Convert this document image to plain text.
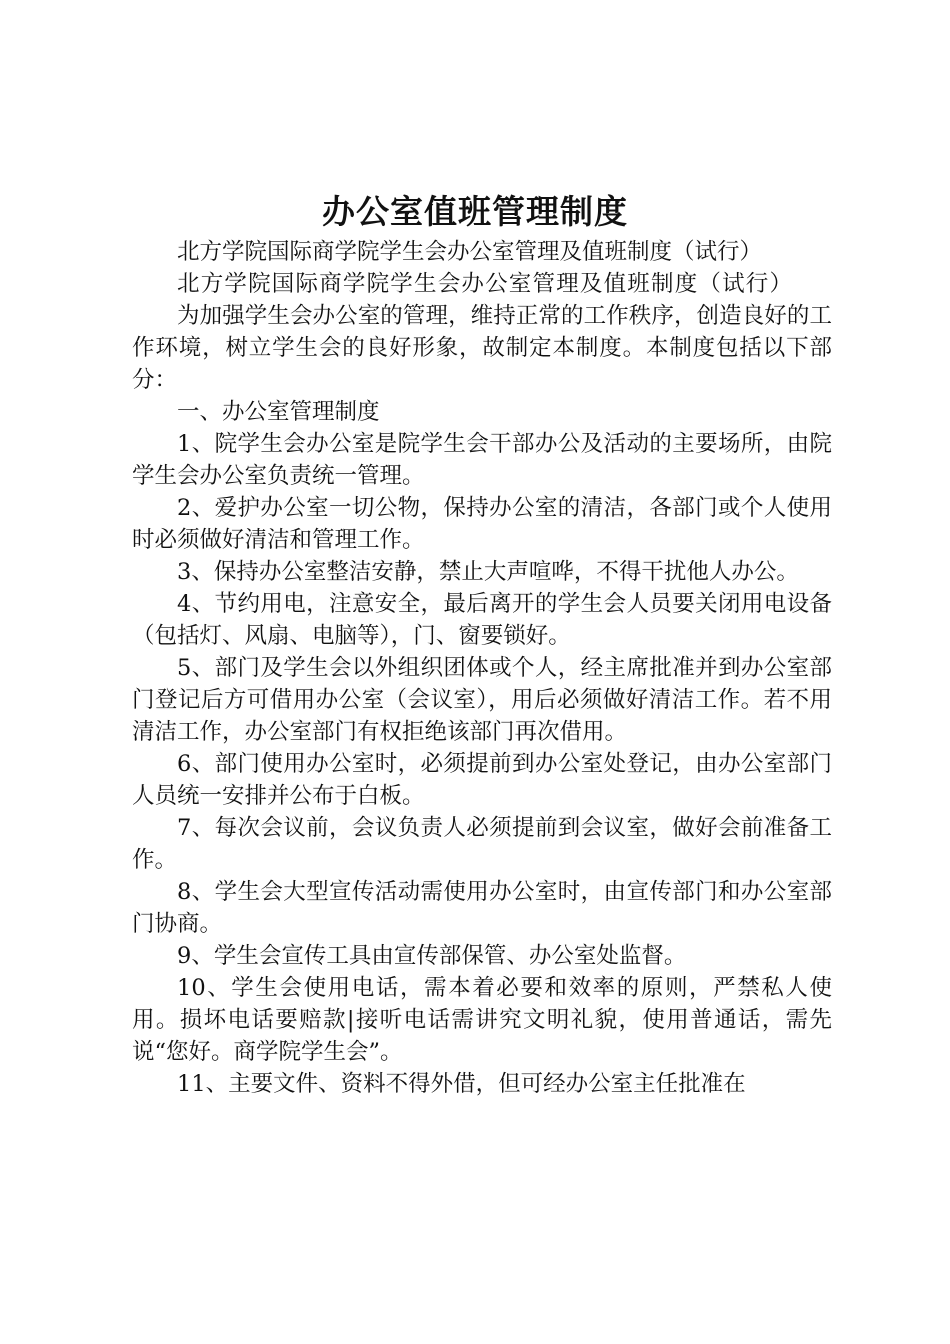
办公室值班管理制度

北方学院国际商学院学生会办公室管理及值班制度（试行）

北方学院国际商学院学生会办公室管理及值班制度（试行）

为加强学生会办公室的管理，维持正常的工作秩序，创造良好的工作环境，树立学生会的良好形象，故制定本制度。本制度包括以下部分：

一、办公室管理制度

1、院学生会办公室是院学生会干部办公及活动的主要场所，由院学生会办公室负责统一管理。

2、爱护办公室一切公物，保持办公室的清洁，各部门或个人使用时必须做好清洁和管理工作。

3、保持办公室整洁安静，禁止大声喧哗，不得干扰他人办公。

4、节约用电，注意安全，最后离开的学生会人员要关闭用电设备（包括灯、风扇、电脑等），门、窗要锁好。

5、部门及学生会以外组织团体或个人，经主席批准并到办公室部门登记后方可借用办公室（会议室），用后必须做好清洁工作。若不用清洁工作，办公室部门有权拒绝该部门再次借用。

6、部门使用办公室时，必须提前到办公室处登记，由办公室部门人员统一安排并公布于白板。

7、每次会议前，会议负责人必须提前到会议室，做好会前准备工作。

8、学生会大型宣传活动需使用办公室时，由宣传部门和办公室部门协商。

9、学生会宣传工具由宣传部保管、办公室处监督。

10、学生会使用电话，需本着必要和效率的原则，严禁私人使用。损坏电话要赔款|接听电话需讲究文明礼貌，使用普通话，需先说“您好。商学院学生会”。

11、主要文件、资料不得外借，但可经办公室主任批准在
